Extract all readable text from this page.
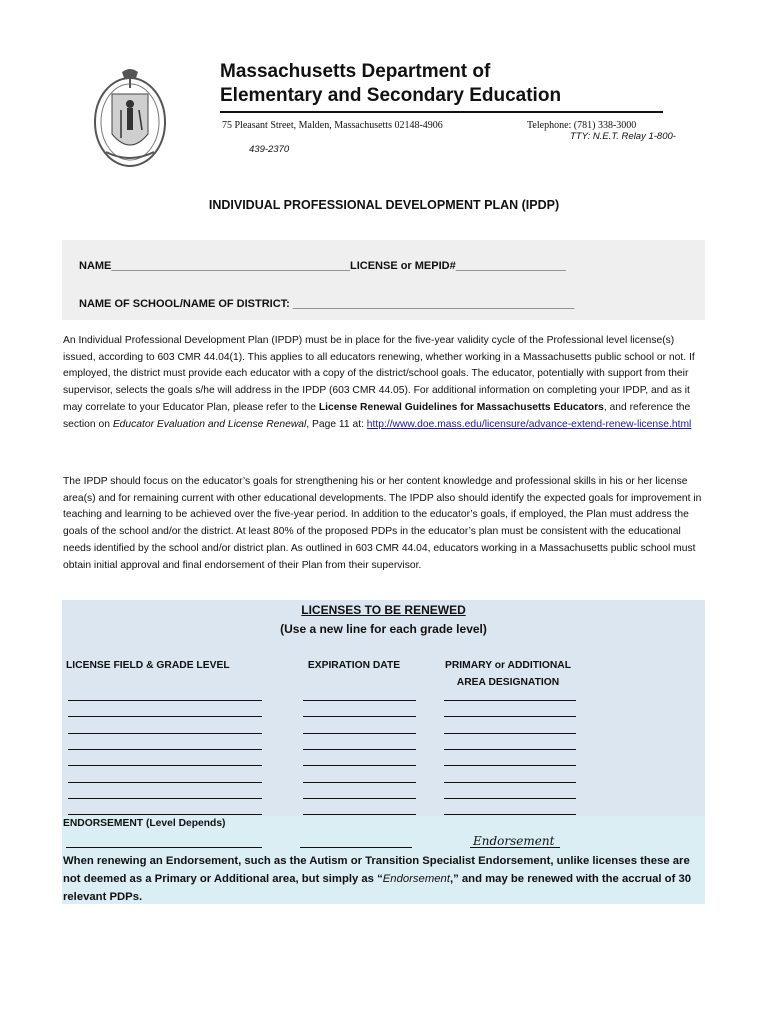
Massachusetts Department of
Elementary and Secondary Education
75 Pleasant Street, Malden, Massachusetts 02148-4906	Telephone: (781) 338-3000
TTY: N.E.T. Relay 1-800-
439-2370
INDIVIDUAL PROFESSIONAL DEVELOPMENT PLAN (IPDP)
NAME_______________________________________LICENSE or MEPID#__________________
NAME OF SCHOOL/NAME OF DISTRICT: ______________________________________________
An Individual Professional Development Plan (IPDP) must be in place for the five-year validity cycle of the Professional level license(s) issued, according to 603 CMR 44.04(1). This applies to all educators renewing, whether working in a Massachusetts public school or not. If employed, the district must provide each educator with a copy of the district/school goals. The educator, potentially with support from their supervisor, selects the goals s/he will address in the IPDP (603 CMR 44.05). For additional information on completing your IPDP, and as it may correlate to your Educator Plan, please refer to the License Renewal Guidelines for Massachusetts Educators, and reference the section on Educator Evaluation and License Renewal, Page 11 at: http://www.doe.mass.edu/licensure/advance-extend-renew-license.html
The IPDP should focus on the educator’s goals for strengthening his or her content knowledge and professional skills in his or her license area(s) and for remaining current with other educational developments. The IPDP also should identify the expected goals for improvement in teaching and learning to be achieved over the five-year period. In addition to the educator’s goals, if employed, the Plan must address the goals of the school and/or the district. At least 80% of the proposed PDPs in the educator’s plan must be consistent with the educational needs identified by the school and/or district plan. As outlined in 603 CMR 44.04, educators working in a Massachusetts public school must obtain initial approval and final endorsement of their Plan from their supervisor.
LICENSES TO BE RENEWED
(Use a new line for each grade level)
LICENSE FIELD & GRADE LEVEL	EXPIRATION DATE	PRIMARY or ADDITIONAL
AREA DESIGNATION
ENDORSEMENT (Level Depends)
Endorsement
When renewing an Endorsement, such as the Autism or Transition Specialist Endorsement, unlike licenses these are not deemed as a Primary or Additional area, but simply as “Endorsement,” and may be renewed with the accrual of 30 relevant PDPs.
